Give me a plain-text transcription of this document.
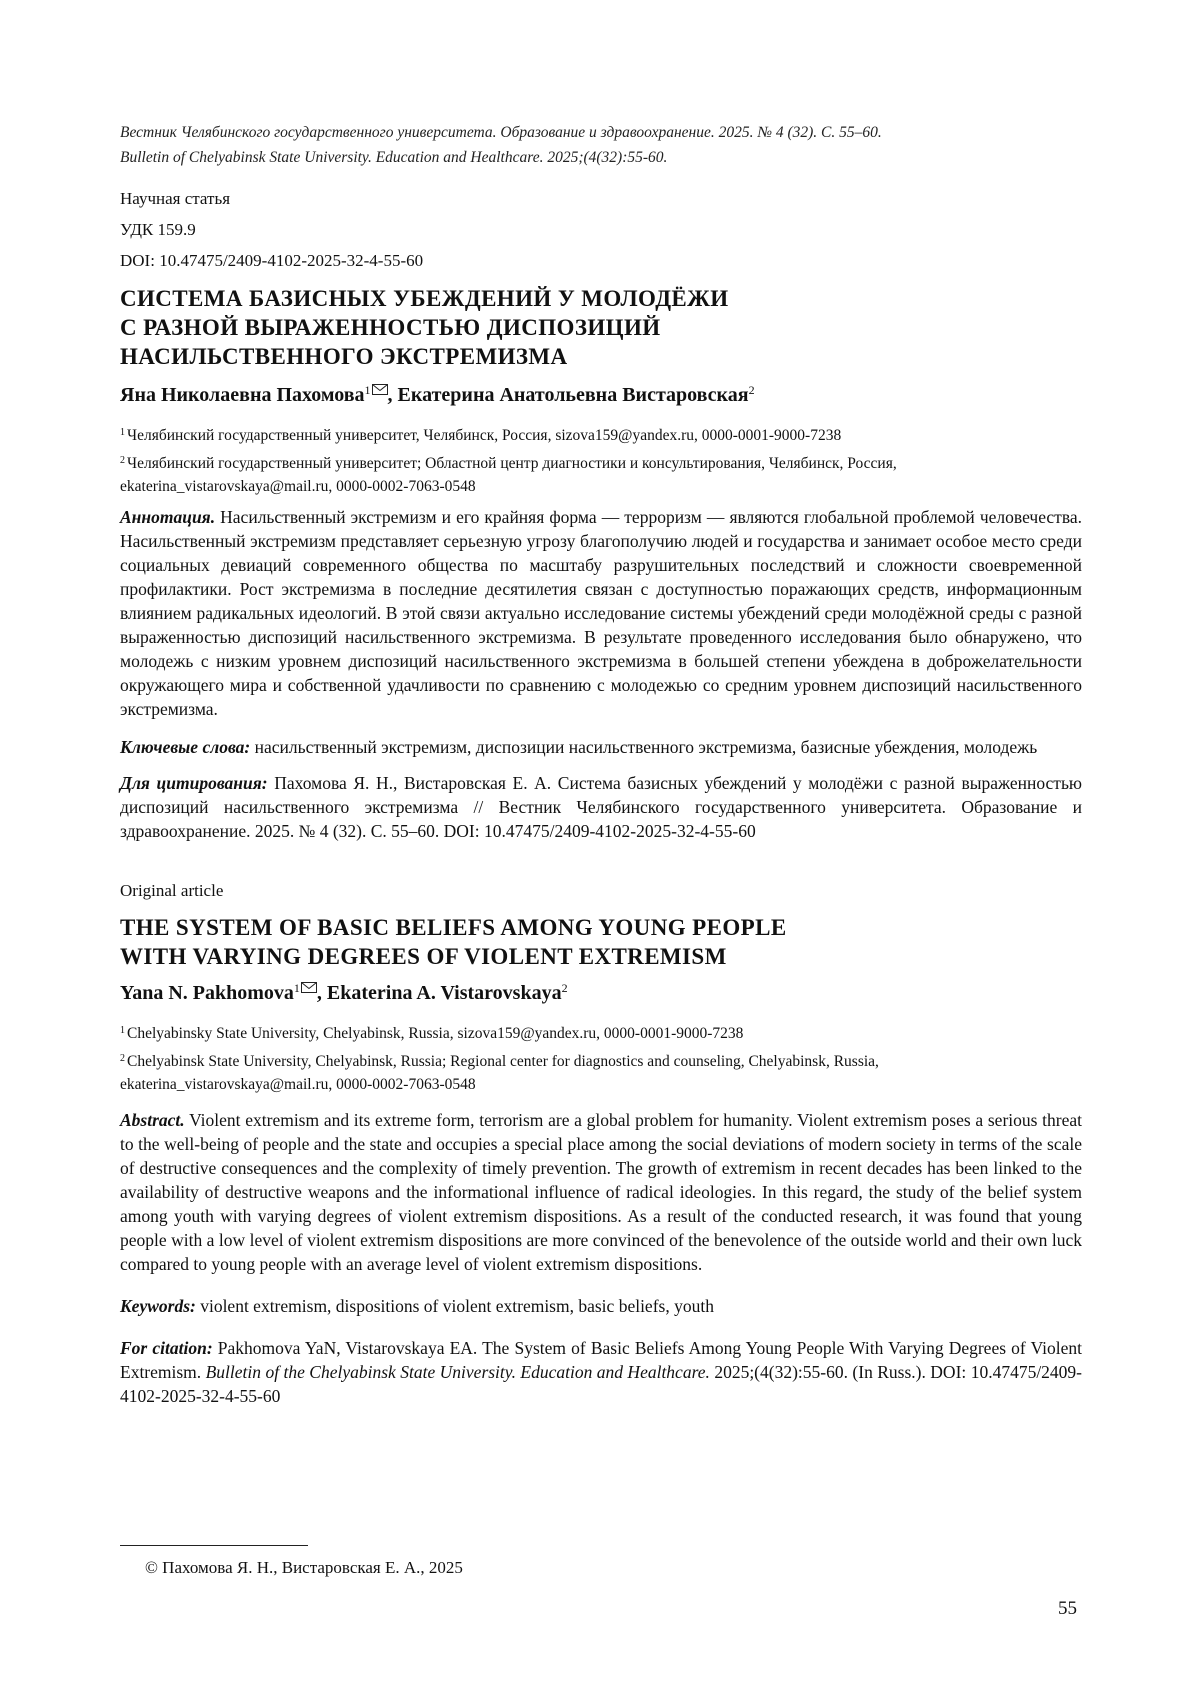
Вестник Челябинского государственного университета. Образование и здравоохранение. 2025. № 4 (32). С. 55–60.
Bulletin of Chelyabinsk State University. Education and Healthcare. 2025;(4(32):55-60.

Научная статья

УДК 159.9

DOI: 10.47475/2409-4102-2025-32-4-55-60

СИСТЕМА БАЗИСНЫХ УБЕЖДЕНИЙ У МОЛОДЁЖИ

С РАЗНОЙ ВЫРАЖЕННОСТЬЮ ДИСПОЗИЦИЙ

НАСИЛЬСТВЕННОГО ЭКСТРЕМИЗМА

Яна Николаевна Пахомова$^1$ , Екатерина Анатольевна Вистаровская$^2$

$^1$ Челябинский государственный университет, Челябинск, Россия, sizova159@yandex.ru, 0000-0001-9000-7238

$^2$ Челябинский государственный университет; Областной центр диагностики и консультирования, Челябинск, Россия, ekaterina_vistarovskaya@mail.ru, 0000-0002-7063-0548

Аннотация. Насильственный экстремизм и его крайняя форма — терроризм — являются глобальной проблемой человечества. Насильственный экстремизм представляет серьезную угрозу благополучию людей и государства и занимает особое место среди социальных девиаций современного общества по масштабу разрушительных последствий и сложности своевременной профилактики. Рост экстремизма в последние десятилетия связан с доступностью поражающих средств, информационным влиянием радикальных идеологий. В этой связи актуально исследование системы убеждений среди молодёжной среды с разной выраженностью диспозиций насильственного экстремизма. В результате проведенного исследования было обнаружено, что молодежь с низким уровнем диспозиций насильственного экстремизма в большей степени убеждена в доброжелательности окружающего мира и собственной удачливости по сравнению с молодежью со средним уровнем диспозиций насильственного экстремизма.

Ключевые слова: насильственный экстремизм, диспозиции насильственного экстремизма, базисные убеждения, молодежь

Для цитирования: Пахомова Я. Н., Вистаровская Е. А. Система базисных убеждений у молодёжи с разной выраженностью диспозиций насильственного экстремизма // Вестник Челябинского государственного университета. Образование и здравоохранение. 2025. № 4 (32). С. 55–60. DOI: 10.47475/2409-4102-2025-32-4-55-60

Original article

THE SYSTEM OF BASIC BELIEFS AMONG YOUNG PEOPLE

WITH VARYING DEGREES OF VIOLENT EXTREMISM

Yana N. Pakhomova$^1$ , Ekaterina A. Vistarovskaya$^2$

$^1$ Chelyabinsky State University, Chelyabinsk, Russia, sizova159@yandex.ru, 0000-0001-9000-7238

$^2$ Chelyabinsk State University, Chelyabinsk, Russia; Regional center for diagnostics and counseling, Chelyabinsk, Russia, ekaterina_vistarovskaya@mail.ru, 0000-0002-7063-0548

Abstract. Violent extremism and its extreme form, terrorism are a global problem for humanity. Violent extremism poses a serious threat to the well-being of people and the state and occupies a special place among the social deviations of modern society in terms of the scale of destructive consequences and the complexity of timely prevention. The growth of extremism in recent decades has been linked to the availability of destructive weapons and the informational influence of radical ideologies. In this regard, the study of the belief system among youth with varying degrees of violent extremism dispositions. As a result of the conducted research, it was found that young people with a low level of violent extremism dispositions are more convinced of the benevolence of the outside world and their own luck compared to young people with an average level of violent extremism dispositions.

Keywords: violent extremism, dispositions of violent extremism, basic beliefs, youth

For citation: Pakhomova YaN, Vistarovskaya EA. The System of Basic Beliefs Among Young People With Varying Degrees of Violent Extremism. Bulletin of the Chelyabinsk State University. Education and Healthcare. 2025;(4(32):55-60. (In Russ.). DOI: 10.47475/2409-4102-2025-32-4-55-60

© Пахомова Я. Н., Вистаровская Е. А., 2025
55
